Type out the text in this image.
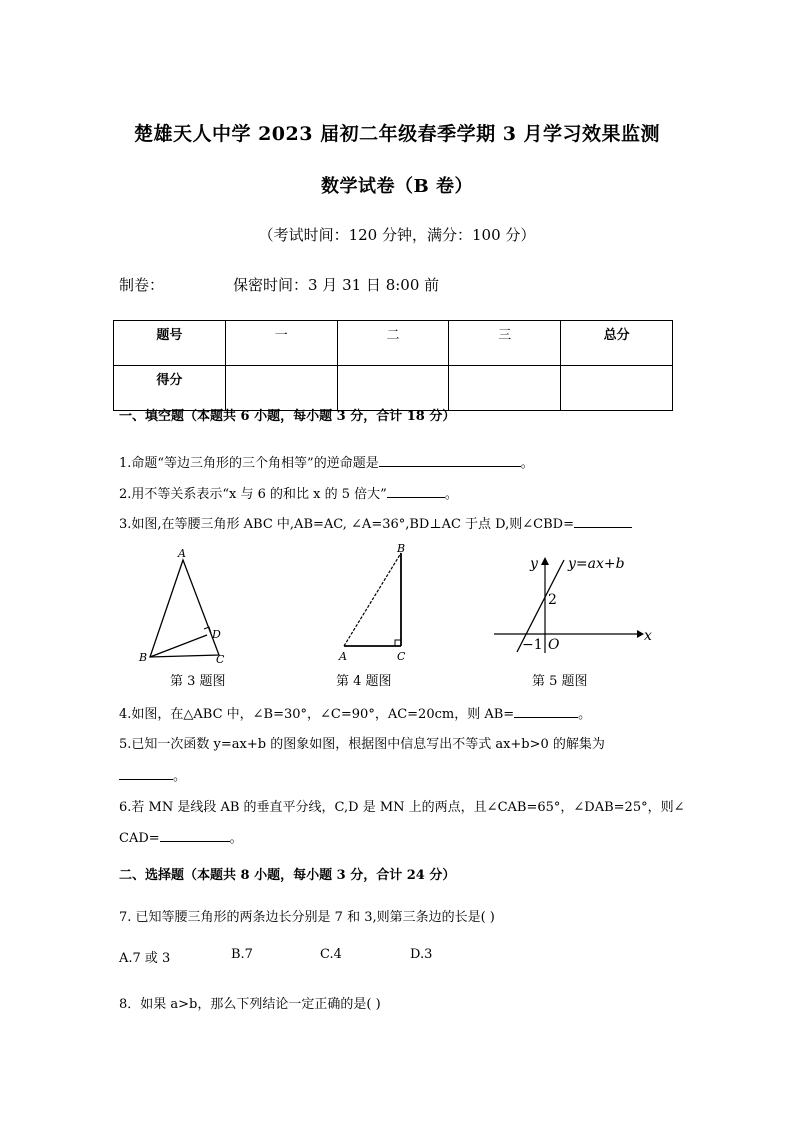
楚雄天人中学 2023 届初二年级春季学期 3 月学习效果监测
数学试卷（B 卷）
（考试时间：120 分钟，满分：100 分）
制卷：	保密时间：3 月 31 日 8:00 前
题号	一	二	三	总分
得分				
一、填空题（本题共 6 小题，每小题 3 分，合计 18 分）
1.命题“等边三角形的三个角相等”的逆命题是	。
2.用不等关系表示“x 与 6 的和比 x 的 5 倍大”	。
3.如图,在等腰三角形 ABC 中,AB=AC, ∠A=36°,BD⊥AC 于点 D,则∠CBD=
A
B	C
D
第 3 题图
B
A	C
第 4 题图
y y=ax+b
2
−1 O
x
第 5 题图
4.如图，在△ABC 中，∠B=30°，∠C=90°，AC=20cm，则 AB=	。
5.已知一次函数 y=ax+b 的图象如图，根据图中信息写出不等式 ax+b>0 的解集为
。
6.若 MN 是线段 AB 的垂直平分线，C,D 是 MN 上的两点，且∠CAB=65°，∠DAB=25°，则∠
CAD=	。
二、选择题（本题共 8 小题，每小题 3 分，合计 24 分）
7. 已知等腰三角形的两条边长分别是 7 和 3,则第三条边的长是( )
A.7 或 3	B.7	C.4	D.3
8．如果 a>b，那么下列结论一定正确的是( )
